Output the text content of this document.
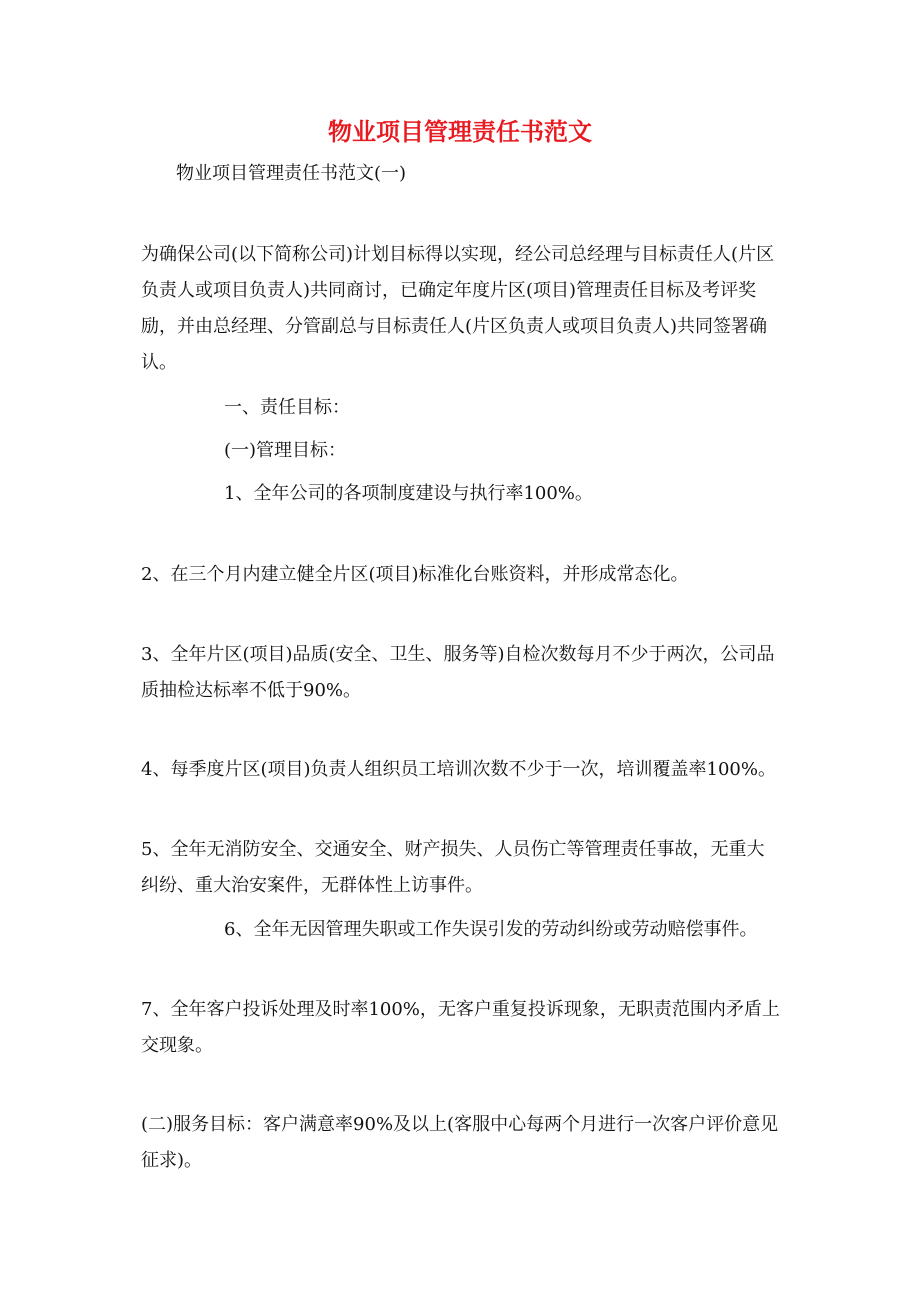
物业项目管理责任书范文
物业项目管理责任书范文(一)
为确保公司(以下简称公司)计划目标得以实现，经公司总经理与目标责任人(片区负责人或项目负责人)共同商讨，已确定年度片区(项目)管理责任目标及考评奖励，并由总经理、分管副总与目标责任人(片区负责人或项目负责人)共同签署确认。
一、责任目标：
(一)管理目标：
1、全年公司的各项制度建设与执行率100%。
2、在三个月内建立健全片区(项目)标准化台账资料，并形成常态化。
3、全年片区(项目)品质(安全、卫生、服务等)自检次数每月不少于两次，公司品质抽检达标率不低于90%。
4、每季度片区(项目)负责人组织员工培训次数不少于一次，培训覆盖率100%。
5、全年无消防安全、交通安全、财产损失、人员伤亡等管理责任事故，无重大纠纷、重大治安案件，无群体性上访事件。
6、全年无因管理失职或工作失误引发的劳动纠纷或劳动赔偿事件。
7、全年客户投诉处理及时率100%，无客户重复投诉现象，无职责范围内矛盾上交现象。
(二)服务目标：客户满意率90%及以上(客服中心每两个月进行一次客户评价意见征求)。
